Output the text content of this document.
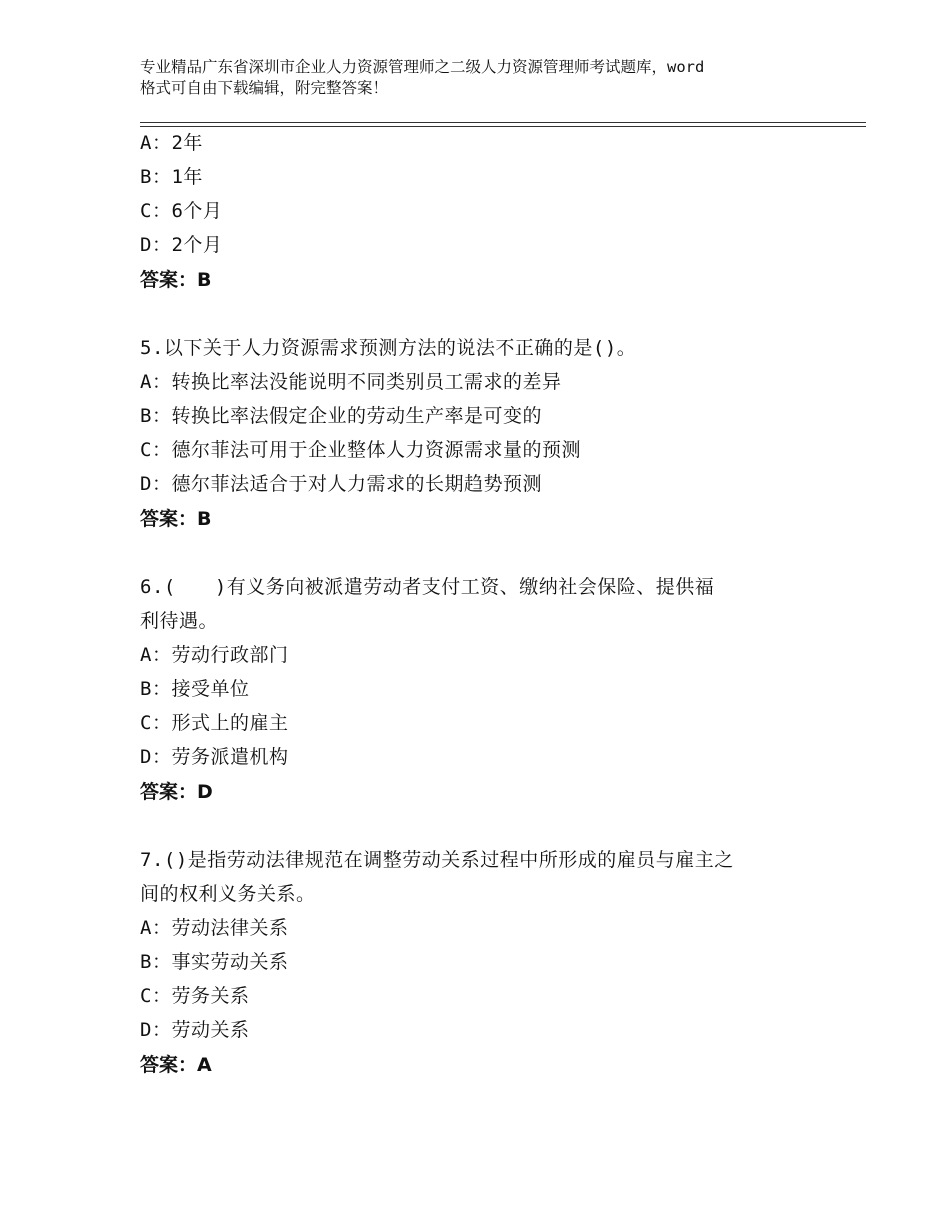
专业精品广东省深圳市企业人力资源管理师之二级人力资源管理师考试题库，word
格式可自由下载编辑，附完整答案！
A：2年
B：1年
C：6个月
D：2个月
答案：B
5.以下关于人力资源需求预测方法的说法不正确的是()。
A：转换比率法没能说明不同类别员工需求的差异
B：转换比率法假定企业的劳动生产率是可变的
C：德尔菲法可用于企业整体人力资源需求量的预测
D：德尔菲法适合于对人力需求的长期趋势预测
答案：B
6.(　　)有义务向被派遣劳动者支付工资、缴纳社会保险、提供福
利待遇。
A：劳动行政部门
B：接受单位
C：形式上的雇主
D：劳务派遣机构
答案：D
7.()是指劳动法律规范在调整劳动关系过程中所形成的雇员与雇主之
间的权利义务关系。
A：劳动法律关系
B：事实劳动关系
C：劳务关系
D：劳动关系
答案：A
